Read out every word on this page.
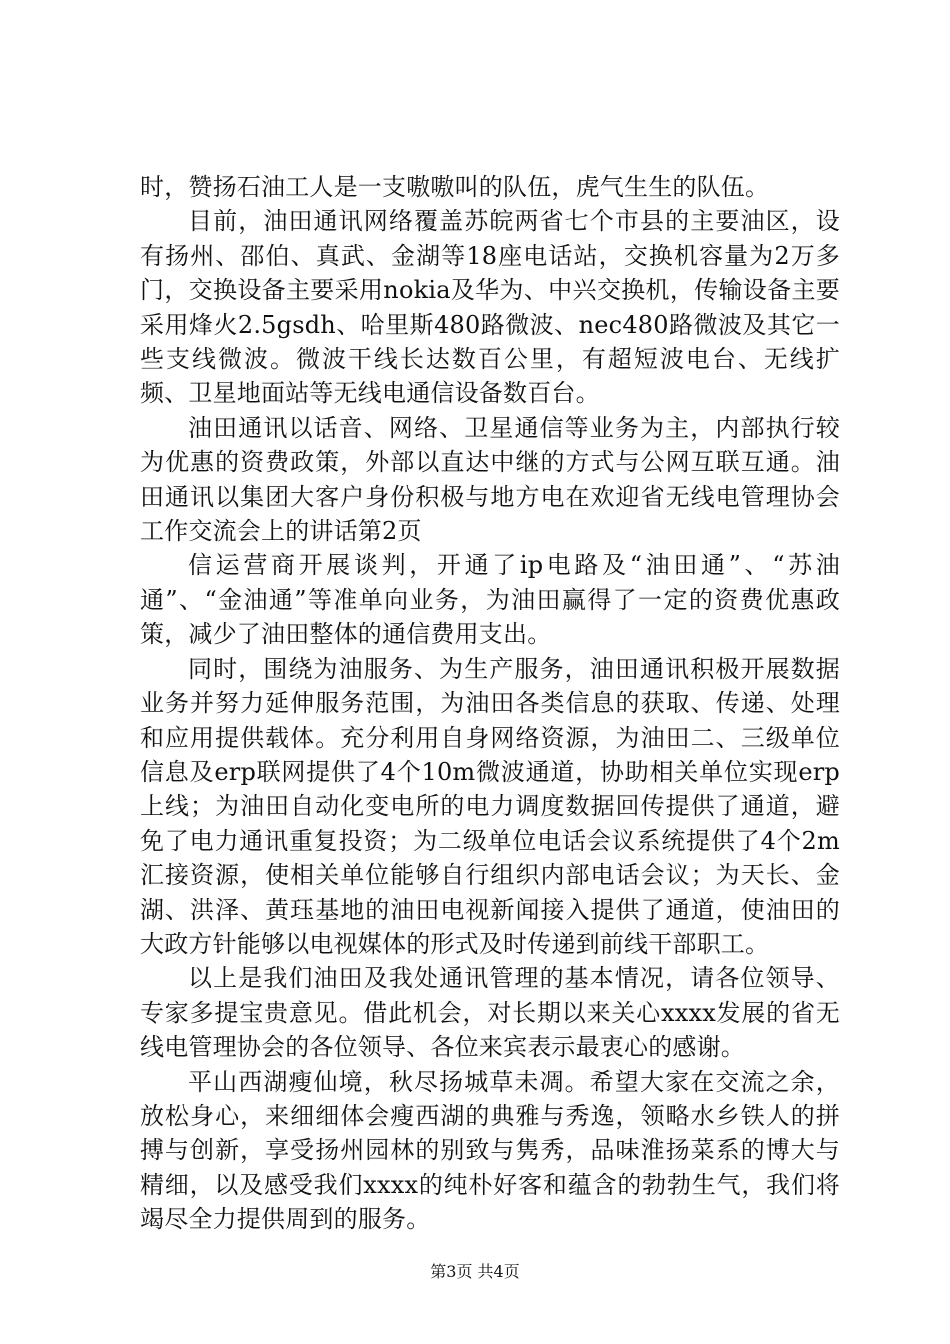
时，赞扬石油工人是一支嗷嗷叫的队伍，虎气生生的队伍。

目前，油田通讯网络覆盖苏皖两省七个市县的主要油区，设有扬州、邵伯、真武、金湖等18座电话站，交换机容量为2万多门，交换设备主要采用nokia及华为、中兴交换机，传输设备主要采用烽火2.5gsdh、哈里斯480路微波、nec480路微波及其它一些支线微波。微波干线长达数百公里，有超短波电台、无线扩频、卫星地面站等无线电通信设备数百台。

油田通讯以话音、网络、卫星通信等业务为主，内部执行较为优惠的资费政策，外部以直达中继的方式与公网互联互通。油田通讯以集团大客户身份积极与地方电在欢迎省无线电管理协会工作交流会上的讲话第2页

信运营商开展谈判，开通了ip电路及“油田通”、“苏油通”、“金油通”等准单向业务，为油田赢得了一定的资费优惠政策，减少了油田整体的通信费用支出。

同时，围绕为油服务、为生产服务，油田通讯积极开展数据业务并努力延伸服务范围，为油田各类信息的获取、传递、处理和应用提供载体。充分利用自身网络资源，为油田二、三级单位信息及erp联网提供了4个10m微波通道，协助相关单位实现erp上线；为油田自动化变电所的电力调度数据回传提供了通道，避免了电力通讯重复投资；为二级单位电话会议系统提供了4个2m汇接资源，使相关单位能够自行组织内部电话会议；为天长、金湖、洪泽、黄珏基地的油田电视新闻接入提供了通道，使油田的大政方针能够以电视媒体的形式及时传递到前线干部职工。

以上是我们油田及我处通讯管理的基本情况，请各位领导、专家多提宝贵意见。借此机会，对长期以来关心xxxx发展的省无线电管理协会的各位领导、各位来宾表示最衷心的感谢。

平山西湖瘦仙境，秋尽扬城草未凋。希望大家在交流之余，放松身心，来细细体会瘦西湖的典雅与秀逸，领略水乡铁人的拼搏与创新，享受扬州园林的别致与隽秀，品味淮扬菜系的博大与精细，以及感受我们xxxx的纯朴好客和蕴含的勃勃生气，我们将竭尽全力提供周到的服务。

第3页 共4页
